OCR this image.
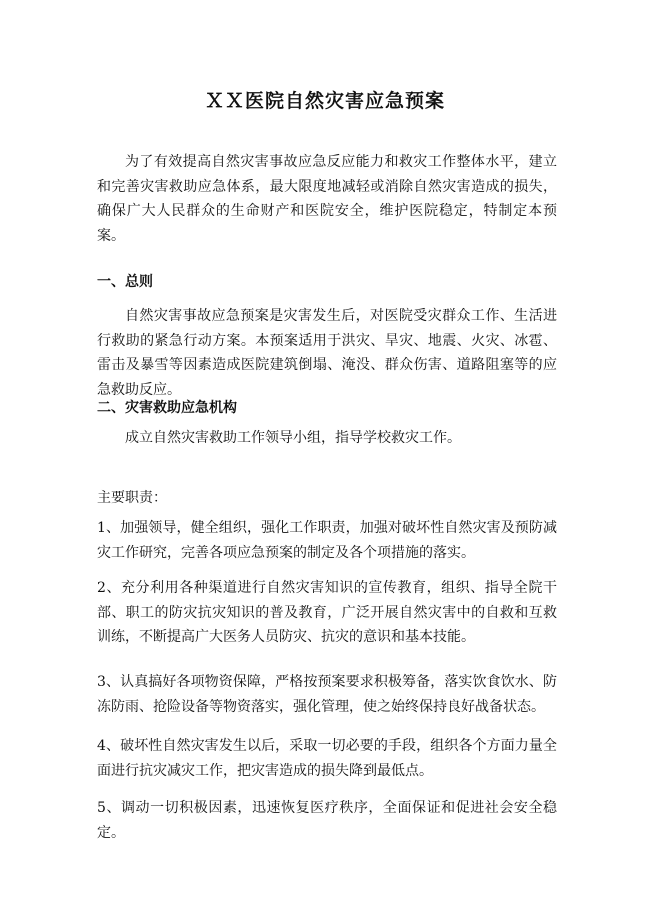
ＸＸ医院自然灾害应急预案
为了有效提高自然灾害事故应急反应能力和救灾工作整体水平，建立和完善灾害救助应急体系，最大限度地减轻或消除自然灾害造成的损失，确保广大人民群众的生命财产和医院安全，维护医院稳定，特制定本预案。
一、总则
自然灾害事故应急预案是灾害发生后，对医院受灾群众工作、生活进行救助的紧急行动方案。本预案适用于洪灾、旱灾、地震、火灾、冰雹、雷击及暴雪等因素造成医院建筑倒塌、淹没、群众伤害、道路阻塞等的应急救助反应。
二、灾害救助应急机构
成立自然灾害救助工作领导小组，指导学校救灾工作。
主要职责：
1、加强领导，健全组织，强化工作职责，加强对破坏性自然灾害及预防减灾工作研究，完善各项应急预案的制定及各个项措施的落实。
2、充分利用各种渠道进行自然灾害知识的宣传教育，组织、指导全院干部、职工的防灾抗灾知识的普及教育，广泛开展自然灾害中的自救和互救训练，不断提高广大医务人员防灾、抗灾的意识和基本技能。
3、认真搞好各项物资保障，严格按预案要求积极筹备，落实饮食饮水、防冻防雨、抢险设备等物资落实，强化管理，使之始终保持良好战备状态。
4、破坏性自然灾害发生以后，采取一切必要的手段，组织各个方面力量全面进行抗灾减灾工作，把灾害造成的损失降到最低点。
5、调动一切积极因素，迅速恢复医疗秩序，全面保证和促进社会安全稳定。
